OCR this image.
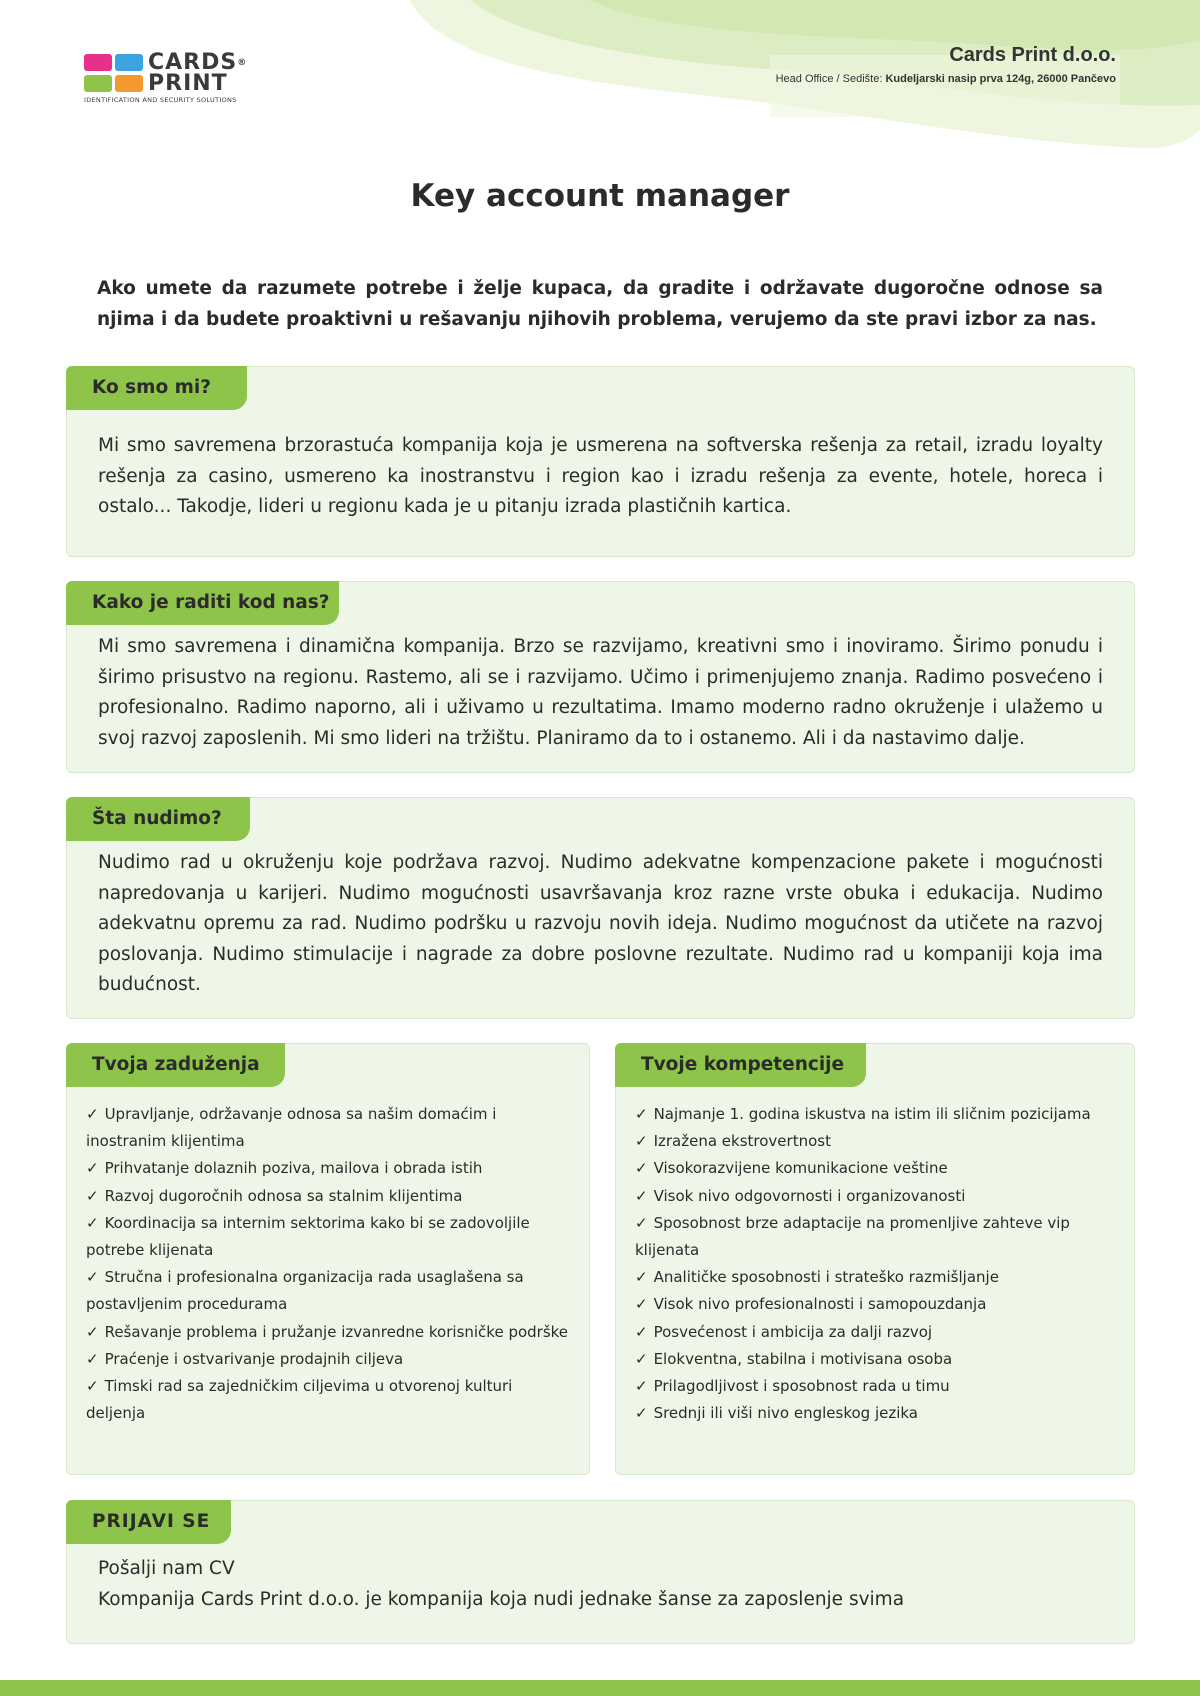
CARDS®
PRINT
IDENTIFICATION AND SECURITY SOLUTIONS
Cards Print d.o.o.
Head Office / Sedište: Kudeljarski nasip prva 124g, 26000 Pančevo
Key account manager

Ako umete da razumete potrebe i želje kupaca, da gradite i održavate dugoročne odnose sa njima i da budete proaktivni u rešavanju njihovih problema, verujemo da ste pravi izbor za nas.

Ko smo mi?

Mi smo savremena brzorastuća kompanija koja je usmerena na softverska rešenja za retail, izradu loyalty rešenja za casino, usmereno ka inostranstvu i region kao i izradu rešenja za evente, hotele, horeca i ostalo... Takodje, lideri u regionu kada je u pitanju izrada plastičnih kartica.

Kako je raditi kod nas?

Mi smo savremena i dinamična kompanija. Brzo se razvijamo, kreativni smo i inoviramo. Širimo ponudu i širimo prisustvo na regionu. Rastemo, ali se i razvijamo. Učimo i primenjujemo znanja. Radimo posvećeno i profesionalno. Radimo naporno, ali i uživamo u rezultatima. Imamo moderno radno okruženje i ulažemo u svoj razvoj zaposlenih. Mi smo lideri na tržištu. Planiramo da to i ostanemo. Ali i da nastavimo dalje.

Šta nudimo?

Nudimo rad u okruženju koje podržava razvoj. Nudimo adekvatne kompenzacione pakete i mogućnosti napredovanja u karijeri. Nudimo mogućnosti usavršavanja kroz razne vrste obuka i edukacija. Nudimo adekvatnu opremu za rad. Nudimo podršku u razvoju novih ideja. Nudimo mogućnost da utičete na razvoj poslovanja. Nudimo stimulacije i nagrade za dobre poslovne rezultate. Nudimo rad u kompaniji koja ima budućnost.

Tvoja zaduženja
✓ Upravljanje, održavanje odnosa sa našim domaćim i inostranim klijentima
✓ Prihvatanje dolaznih poziva, mailova i obrada istih
✓ Razvoj dugoročnih odnosa sa stalnim klijentima
✓ Koordinacija sa internim sektorima kako bi se zadovoljile potrebe klijenata
✓ Stručna i profesionalna organizacija rada usaglašena sa postavljenim procedurama
✓ Rešavanje problema i pružanje izvanredne korisničke podrške
✓ Praćenje i ostvarivanje prodajnih ciljeva
✓ Timski rad sa zajedničkim ciljevima u otvorenoj kulturi deljenja
Tvoje kompetencije
✓ Najmanje 1. godina iskustva na istim ili sličnim pozicijama
✓ Izražena ekstrovertnost
✓ Visokorazvijene komunikacione veštine
✓ Visok nivo odgovornosti i organizovanosti
✓ Sposobnost brze adaptacije na promenljive zahteve vip klijenata
✓ Analitičke sposobnosti i strateško razmišljanje
✓ Visok nivo profesionalnosti i samopouzdanja
✓ Posvećenost i ambicija za dalji razvoj
✓ Elokventna, stabilna i motivisana osoba
✓ Prilagodljivost i sposobnost rada u timu
✓ Srednji ili viši nivo engleskog jezika
PRIJAVI SE

Pošalji nam CV
Kompanija Cards Print d.o.o. je kompanija koja nudi jednake šanse za zaposlenje svima
